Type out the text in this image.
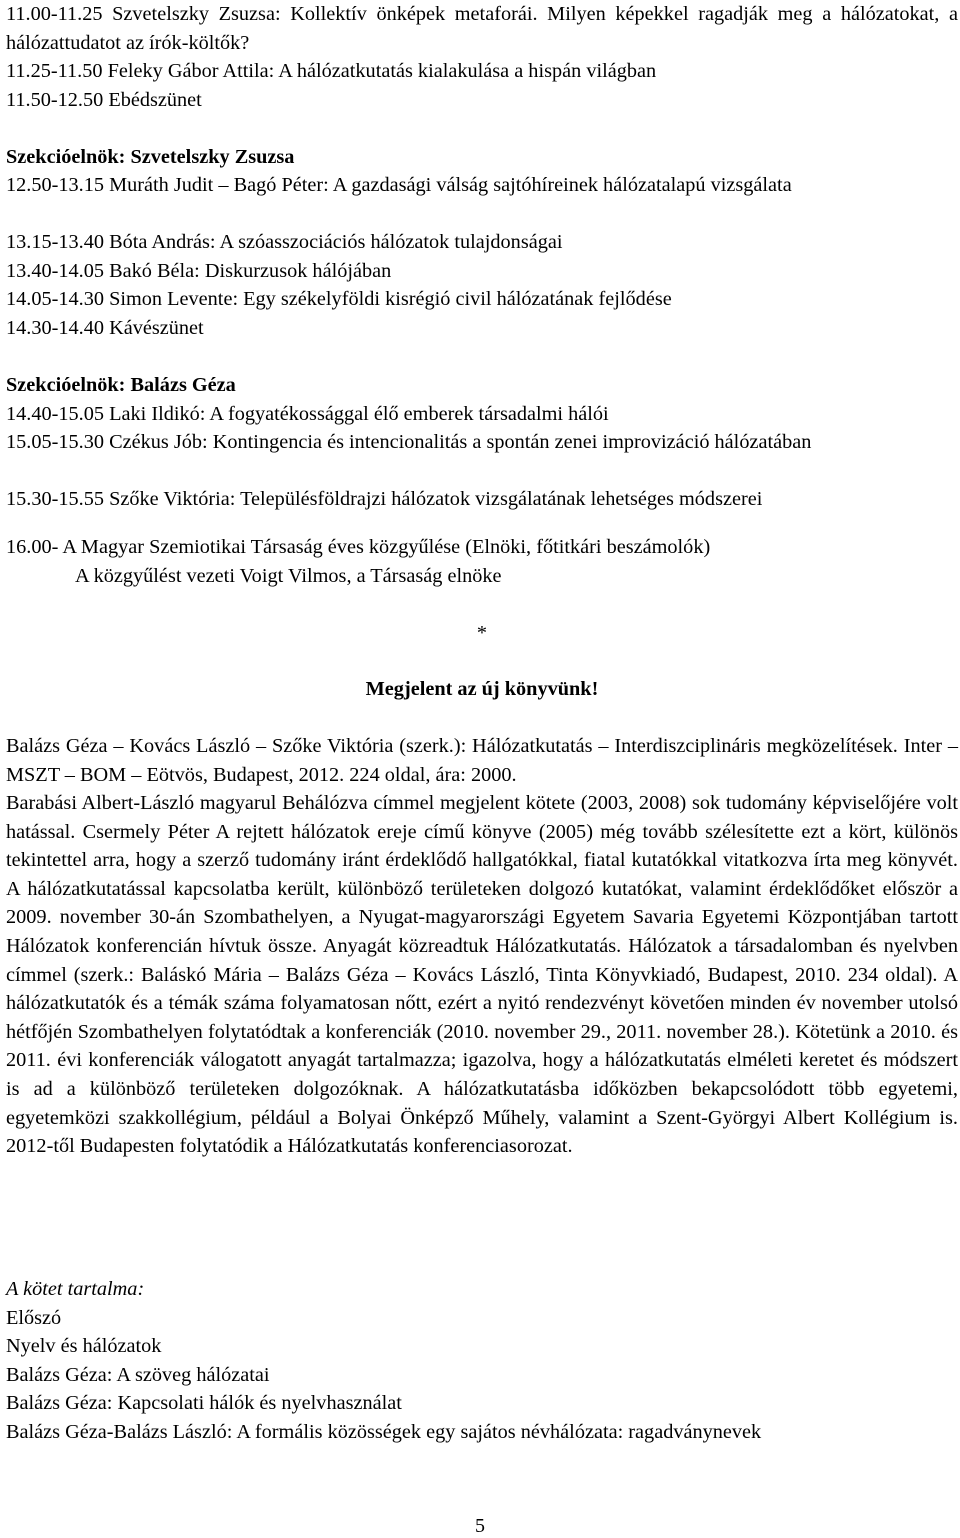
11.00-11.25 Szvetelszky Zsuzsa: Kollektív önképek metaforái. Milyen képekkel ragadják meg a hálózatokat, a hálózattudatot az írók-költők?
11.25-11.50 Feleky Gábor Attila: A hálózatkutatás kialakulása a hispán világban
11.50-12.50 Ebédszünet
Szekcióelnök: Szvetelszky Zsuzsa
12.50-13.15 Muráth Judit – Bagó Péter: A gazdasági válság sajtóhíreinek hálózatalapú vizsgálata
13.15-13.40 Bóta András: A szóasszociációs hálózatok tulajdonságai
13.40-14.05 Bakó Béla: Diskurzusok hálójában
14.05-14.30 Simon Levente: Egy székelyföldi kisrégió civil hálózatának fejlődése
14.30-14.40 Kávészünet
Szekcióelnök: Balázs Géza
14.40-15.05 Laki Ildikó: A fogyatékossággal élő emberek társadalmi hálói
15.05-15.30 Czékus Jób: Kontingencia és intencionalitás a spontán zenei improvizáció hálózatában
15.30-15.55 Szőke Viktória: Településföldrajzi hálózatok vizsgálatának lehetséges módszerei
16.00- A Magyar Szemiotikai Társaság éves közgyűlése (Elnöki, főtitkári beszámolók)
A közgyűlést vezeti Voigt Vilmos, a Társaság elnöke
*
Megjelent az új könyvünk!
Balázs Géza – Kovács László – Szőke Viktória (szerk.): Hálózatkutatás – Interdiszciplináris megközelítések. Inter – MSZT – BOM – Eötvös, Budapest, 2012. 224 oldal, ára: 2000.
Barabási Albert-László magyarul Behálózva címmel megjelent kötete (2003, 2008) sok tudomány képviselőjére volt hatással. Csermely Péter A rejtett hálózatok ereje című könyve (2005) még tovább szélesítette ezt a kört, különös tekintettel arra, hogy a szerző tudomány iránt érdeklődő hallgatókkal, fiatal kutatókkal vitatkozva írta meg könyvét. A hálózatkutatással kapcsolatba került, különböző területeken dolgozó kutatókat, valamint érdeklődőket először a 2009. november 30-án Szombathelyen, a Nyugat-magyarországi Egyetem Savaria Egyetemi Központjában tartott Hálózatok konferencián hívtuk össze. Anyagát közreadtuk Hálózatkutatás. Hálózatok a társadalomban és nyelvben címmel (szerk.: Baláskó Mária – Balázs Géza – Kovács László, Tinta Könyvkiadó, Budapest, 2010. 234 oldal). A hálózatkutatók és a témák száma folyamatosan nőtt, ezért a nyitó rendezvényt követően minden év november utolsó hétfőjén Szombathelyen folytatódtak a konferenciák (2010. november 29., 2011. november 28.). Kötetünk a 2010. és 2011. évi konferenciák válogatott anyagát tartalmazza; igazolva, hogy a hálózatkutatás elméleti keretet és módszert is ad a különböző területeken dolgozóknak. A hálózatkutatásba időközben bekapcsolódott több egyetemi, egyetemközi szakkollégium, például a Bolyai Önképző Műhely, valamint a Szent-Györgyi Albert Kollégium is. 2012-től Budapesten folytatódik a Hálózatkutatás konferenciasorozat.
A kötet tartalma:
Előszó
Nyelv és hálózatok
Balázs Géza: A szöveg hálózatai
Balázs Géza: Kapcsolati hálók és nyelvhasználat
Balázs Géza-Balázs László: A formális közösségek egy sajátos névhálózata: ragadványnevek
5
